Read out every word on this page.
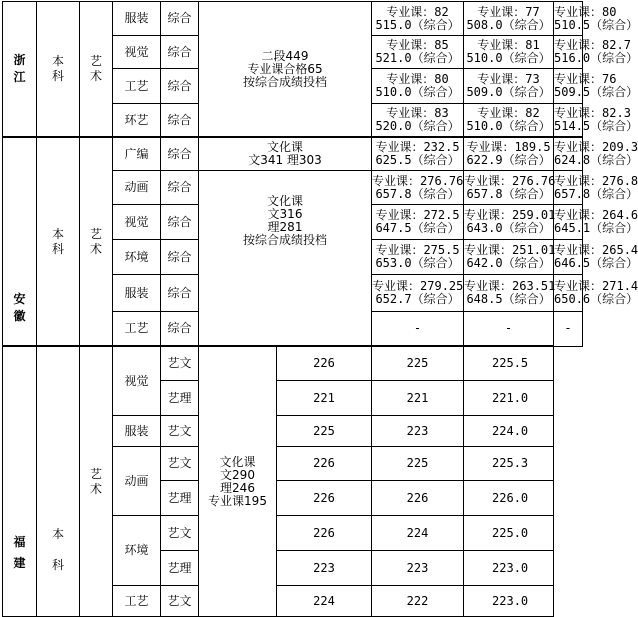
浙
江	本
科	艺
术	服装	综合	二段449
专业课合格65
按综合成绩投档		专业课：82
515.0（综合）	专业课：77
508.0（综合）	专业课：80
510.5（综合）

			视觉	综合			专业课：85
521.0（综合）	专业课：81
510.0（综合）	专业课：82.7
516.0（综合）

			工艺	综合			专业课：80
510.0（综合）	专业课：73
509.0（综合）	专业课：76
509.5（综合）

			环艺	综合			专业课：83
520.0（综合）	专业课：82
510.0（综合）	专业课：82.3
514.5（综合）

安
徽	本
科	艺
术	广编	综合	文化课
文341 理303		专业课：232.5
625.5（综合）	专业课：189.5
622.9（综合）	专业课：209.3
624.8（综合）

			动画	综合	文化课
文316
理281
按综合成绩投档		专业课：276.76
657.8（综合）	专业课：276.76
657.8（综合）	专业课：276.8
657.8（综合）

			视觉	综合			专业课：272.5
647.5（综合）	专业课：259.01
643.0（综合）	专业课：264.6
645.1（综合）

			环境	综合			专业课：275.5
653.0（综合）	专业课：251.01
642.0（综合）	专业课：265.4
646.5（综合）

			服装	综合			专业课：279.25
652.7（综合）	专业课：263.51
648.5（综合）	专业课：271.4
650.6（综合）

			工艺	综合			-	-	-

福
建	本
科	艺
术	视觉	艺文	文化课
文290
理246
专业课195	226	225	225.5	
				艺理		221	221	221.0	
			服装	艺文		225	223	224.0	
			动画	艺文		226	225	225.3	
				艺理		226	226	226.0	
			环境	艺文		226	224	225.0	
				艺理		223	223	223.0	
			工艺	艺文		224	222	223.0	
